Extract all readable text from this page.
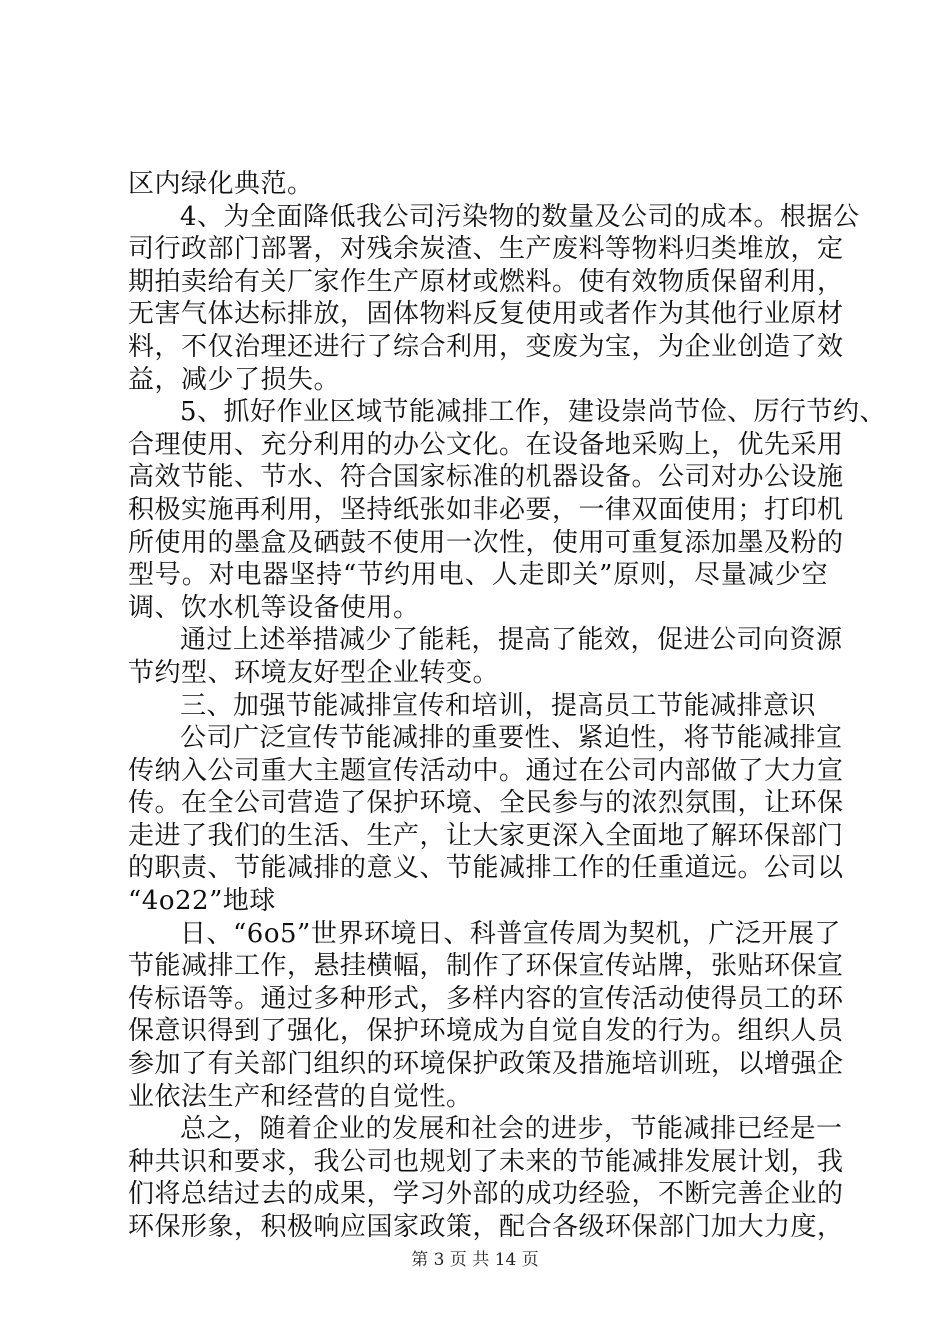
区内绿化典范。
4、为全面降低我公司污染物的数量及公司的成本。根据公
司行政部门部署，对残余炭渣、生产废料等物料归类堆放，定
期拍卖给有关厂家作生产原材或燃料。使有效物质保留利用，
无害气体达标排放，固体物料反复使用或者作为其他行业原材
料，不仅治理还进行了综合利用，变废为宝，为企业创造了效
益，减少了损失。
5、抓好作业区域节能减排工作，建设崇尚节俭、厉行节约、
合理使用、充分利用的办公文化。在设备地采购上，优先采用
高效节能、节水、符合国家标准的机器设备。公司对办公设施
积极实施再利用，坚持纸张如非必要，一律双面使用；打印机
所使用的墨盒及硒鼓不使用一次性，使用可重复添加墨及粉的
型号。对电器坚持“节约用电、人走即关”原则，尽量减少空
调、饮水机等设备使用。
通过上述举措减少了能耗，提高了能效，促进公司向资源
节约型、环境友好型企业转变。
三、加强节能减排宣传和培训，提高员工节能减排意识
公司广泛宣传节能减排的重要性、紧迫性，将节能减排宣
传纳入公司重大主题宣传活动中。通过在公司内部做了大力宣
传。在全公司营造了保护环境、全民参与的浓烈氛围，让环保
走进了我们的生活、生产，让大家更深入全面地了解环保部门
的职责、节能减排的意义、节能减排工作的任重道远。公司以
“4o22”地球
日、“6o5”世界环境日、科普宣传周为契机，广泛开展了
节能减排工作，悬挂横幅，制作了环保宣传站牌，张贴环保宣
传标语等。通过多种形式，多样内容的宣传活动使得员工的环
保意识得到了强化，保护环境成为自觉自发的行为。组织人员
参加了有关部门组织的环境保护政策及措施培训班，以增强企
业依法生产和经营的自觉性。
总之，随着企业的发展和社会的进步，节能减排已经是一
种共识和要求，我公司也规划了未来的节能减排发展计划，我
们将总结过去的成果，学习外部的成功经验，不断完善企业的
环保形象，积极响应国家政策，配合各级环保部门加大力度，
第 3 页 共 14 页
